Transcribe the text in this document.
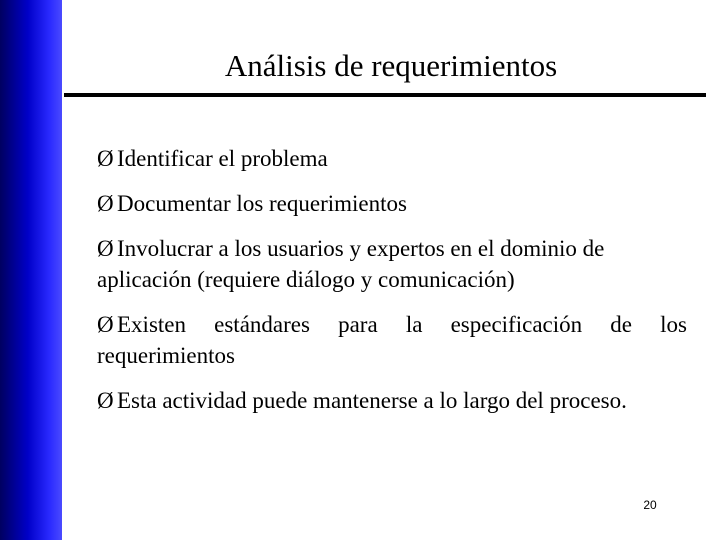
Análisis de requerimientos
Ø Identificar el problema
Ø Documentar los requerimientos
Ø Involucrar a los usuarios y expertos en el dominio de aplicación (requiere diálogo y comunicación)
Ø Existen estándares para la especificación de los requerimientos
Ø Esta actividad puede mantenerse a lo largo del proceso.
20
